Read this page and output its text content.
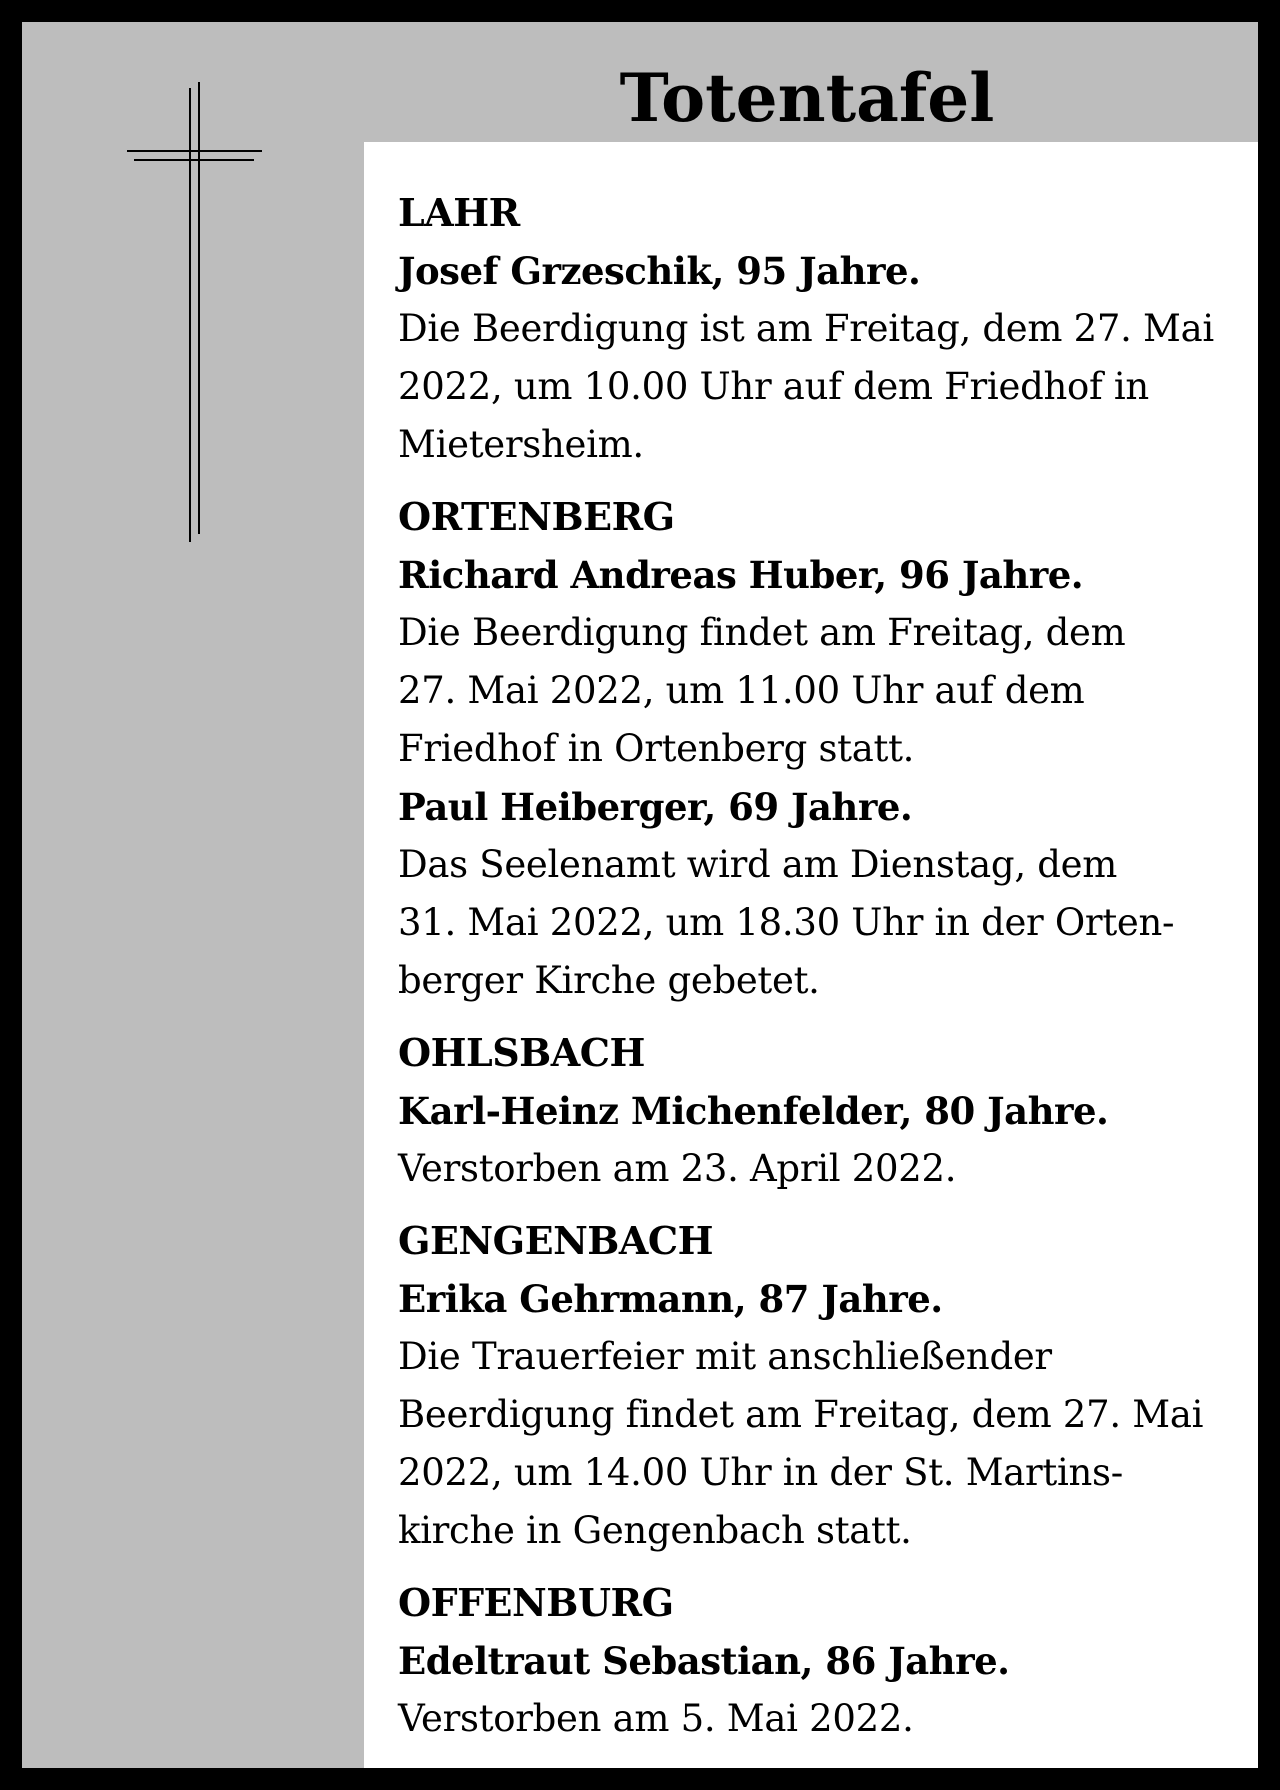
Totentafel

LAHR

Josef Grzeschik, 95 Jahre.

Die Beerdigung ist am Freitag, dem 27. Mai
2022, um 10.00 Uhr auf dem Friedhof in
Mietersheim.

ORTENBERG

Richard Andreas Huber, 96 Jahre.

Die Beerdigung findet am Freitag, dem
27. Mai 2022, um 11.00 Uhr auf dem
Friedhof in Ortenberg statt.

Paul Heiberger, 69 Jahre.

Das Seelenamt wird am Dienstag, dem
31. Mai 2022, um 18.30 Uhr in der Orten-
berger Kirche gebetet.

OHLSBACH

Karl-Heinz Michenfelder, 80 Jahre.

Verstorben am 23. April 2022.

GENGENBACH

Erika Gehrmann, 87 Jahre.

Die Trauerfeier mit anschließender
Beerdigung findet am Freitag, dem 27. Mai
2022, um 14.00 Uhr in der St. Martins-
kirche in Gengenbach statt.

OFFENBURG

Edeltraut Sebastian, 86 Jahre.

Verstorben am 5. Mai 2022.
